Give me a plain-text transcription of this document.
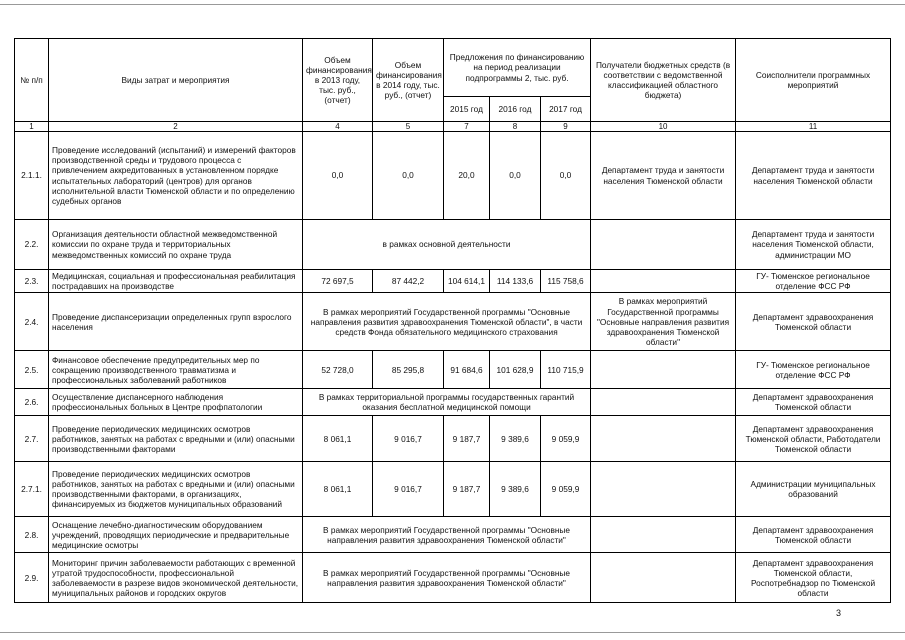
№ п/п	Виды затрат и мероприятия	Объем финансирования в 2013 году, тыс. руб., (отчет)	Объем финансирования в 2014 году, тыс. руб., (отчет)	Предложения по финансированию на период реализации подпрограммы 2, тыс. руб.			Получатели бюджетных средств (в соответствии с ведомственной классификацией областного бюджета)	Соисполнители программных мероприятий
				2015 год	2016 год	2017 год		
1	2	4	5	7	8	9	10	11
2.1.1.	Проведение исследований (испытаний) и измерений факторов производственной среды и трудового процесса с привлечением аккредитованных в установленном порядке испытательных лабораторий (центров) для органов исполнительной власти Тюменской области и по определению судебных органов	0,0	0,0	20,0	0,0	0,0	Департамент труда и занятости населения Тюменской области	Департамент труда и занятости населения Тюменской области
2.2.	Организация деятельности областной межведомственной комиссии по охране труда и территориальных межведомственных комиссий по охране труда	в рамках основной деятельности						Департамент труда и занятости населения Тюменской области, администрации МО
2.3.	Медицинская, социальная и профессиональная реабилитация пострадавших на производстве	72 697,5	87 442,2	104 614,1	114 133,6	115 758,6		ГУ- Тюменское региональное отделение ФСС РФ
2.4.	Проведение диспансеризации определенных групп взрослого населения	В рамках мероприятий Государственной программы "Основные направления развития здравоохранения Тюменской области", в части средств Фонда обязательного медицинского страхования					В рамках мероприятий Государственной программы "Основные направления развития здравоохранения Тюменской области"	Департамент здравоохранения Тюменской области
2.5.	Финансовое обеспечение предупредительных мер по сокращению производственного травматизма и профессиональных заболеваний работников	52 728,0	85 295,8	91 684,6	101 628,9	110 715,9		ГУ- Тюменское региональное отделение ФСС РФ
2.6.	Осуществление диспансерного наблюдения профессиональных больных в Центре профпатологии	В рамках территориальной программы государственных гарантий оказания бесплатной медицинской помощи						Департамент здравоохранения Тюменской области
2.7.	Проведение периодических медицинских осмотров работников, занятых на работах с вредными и (или) опасными производственными факторами	8 061,1	9 016,7	9 187,7	9 389,6	9 059,9		Департамент здравоохранения Тюменской области, Работодатели Тюменской области
2.7.1.	Проведение периодических медицинских осмотров работников, занятых на работах с вредными и (или) опасными производственными факторами, в организациях, финансируемых из бюджетов муниципальных образований	8 061,1	9 016,7	9 187,7	9 389,6	9 059,9		Администрации муниципальных образований
2.8.	Оснащение лечебно-диагностическим оборудованием учреждений, проводящих периодические и предварительные медицинские осмотры	В рамках мероприятий Государственной программы "Основные направления развития здравоохранения Тюменской области"						Департамент здравоохранения Тюменской области
2.9.	Мониторинг причин заболеваемости работающих с временной утратой трудоспособности, профессиональной заболеваемости в разрезе видов экономической деятельности, муниципальных районов и городских округов	В рамках мероприятий Государственной программы "Основные направления развития здравоохранения Тюменской области"						Департамент здравоохранения Тюменской области, Роспотребнадзор по Тюменской области
3
